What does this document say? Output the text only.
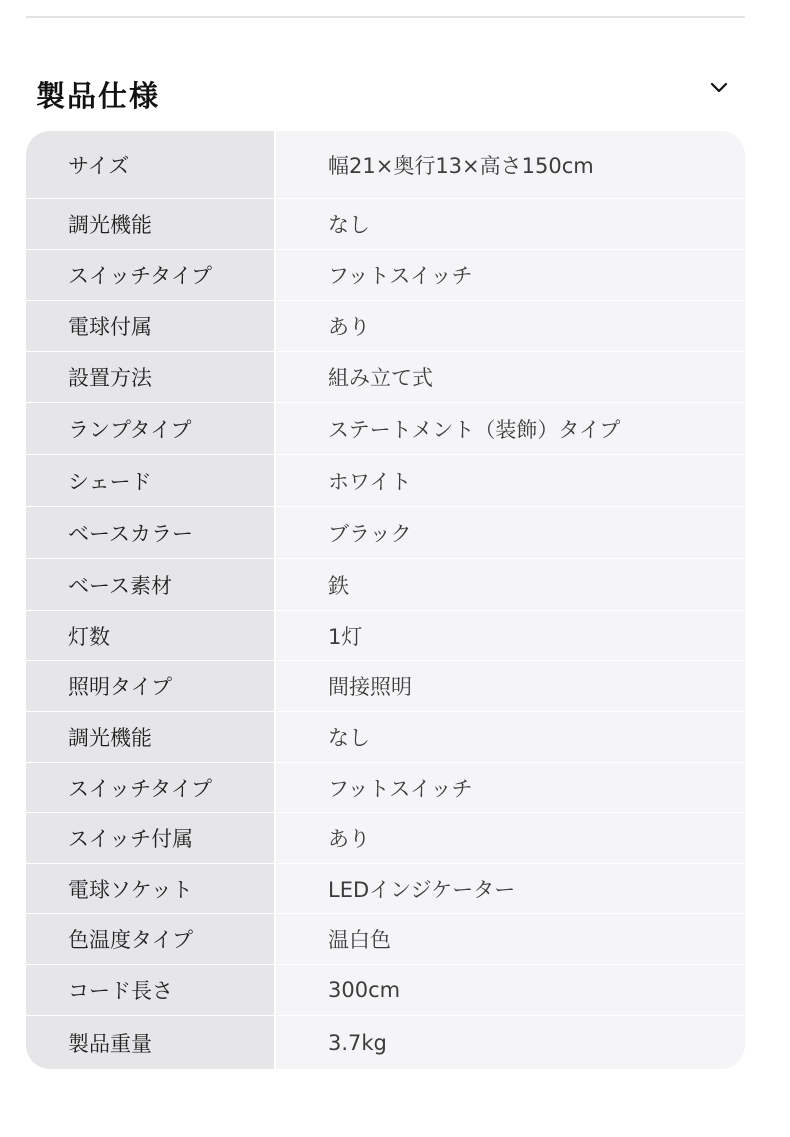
製品仕様
サイズ	幅21×奥行13×高さ150cm
調光機能	なし
スイッチタイプ	フットスイッチ
電球付属	あり
設置方法	組み立て式
ランプタイプ	ステートメント（装飾）タイプ
シェード	ホワイト
ベースカラー	ブラック
ベース素材	鉄
灯数	1灯
照明タイプ	間接照明
調光機能	なし
スイッチタイプ	フットスイッチ
スイッチ付属	あり
電球ソケット	LEDインジケーター
色温度タイプ	温白色
コード長さ	300cm
製品重量	3.7kg
